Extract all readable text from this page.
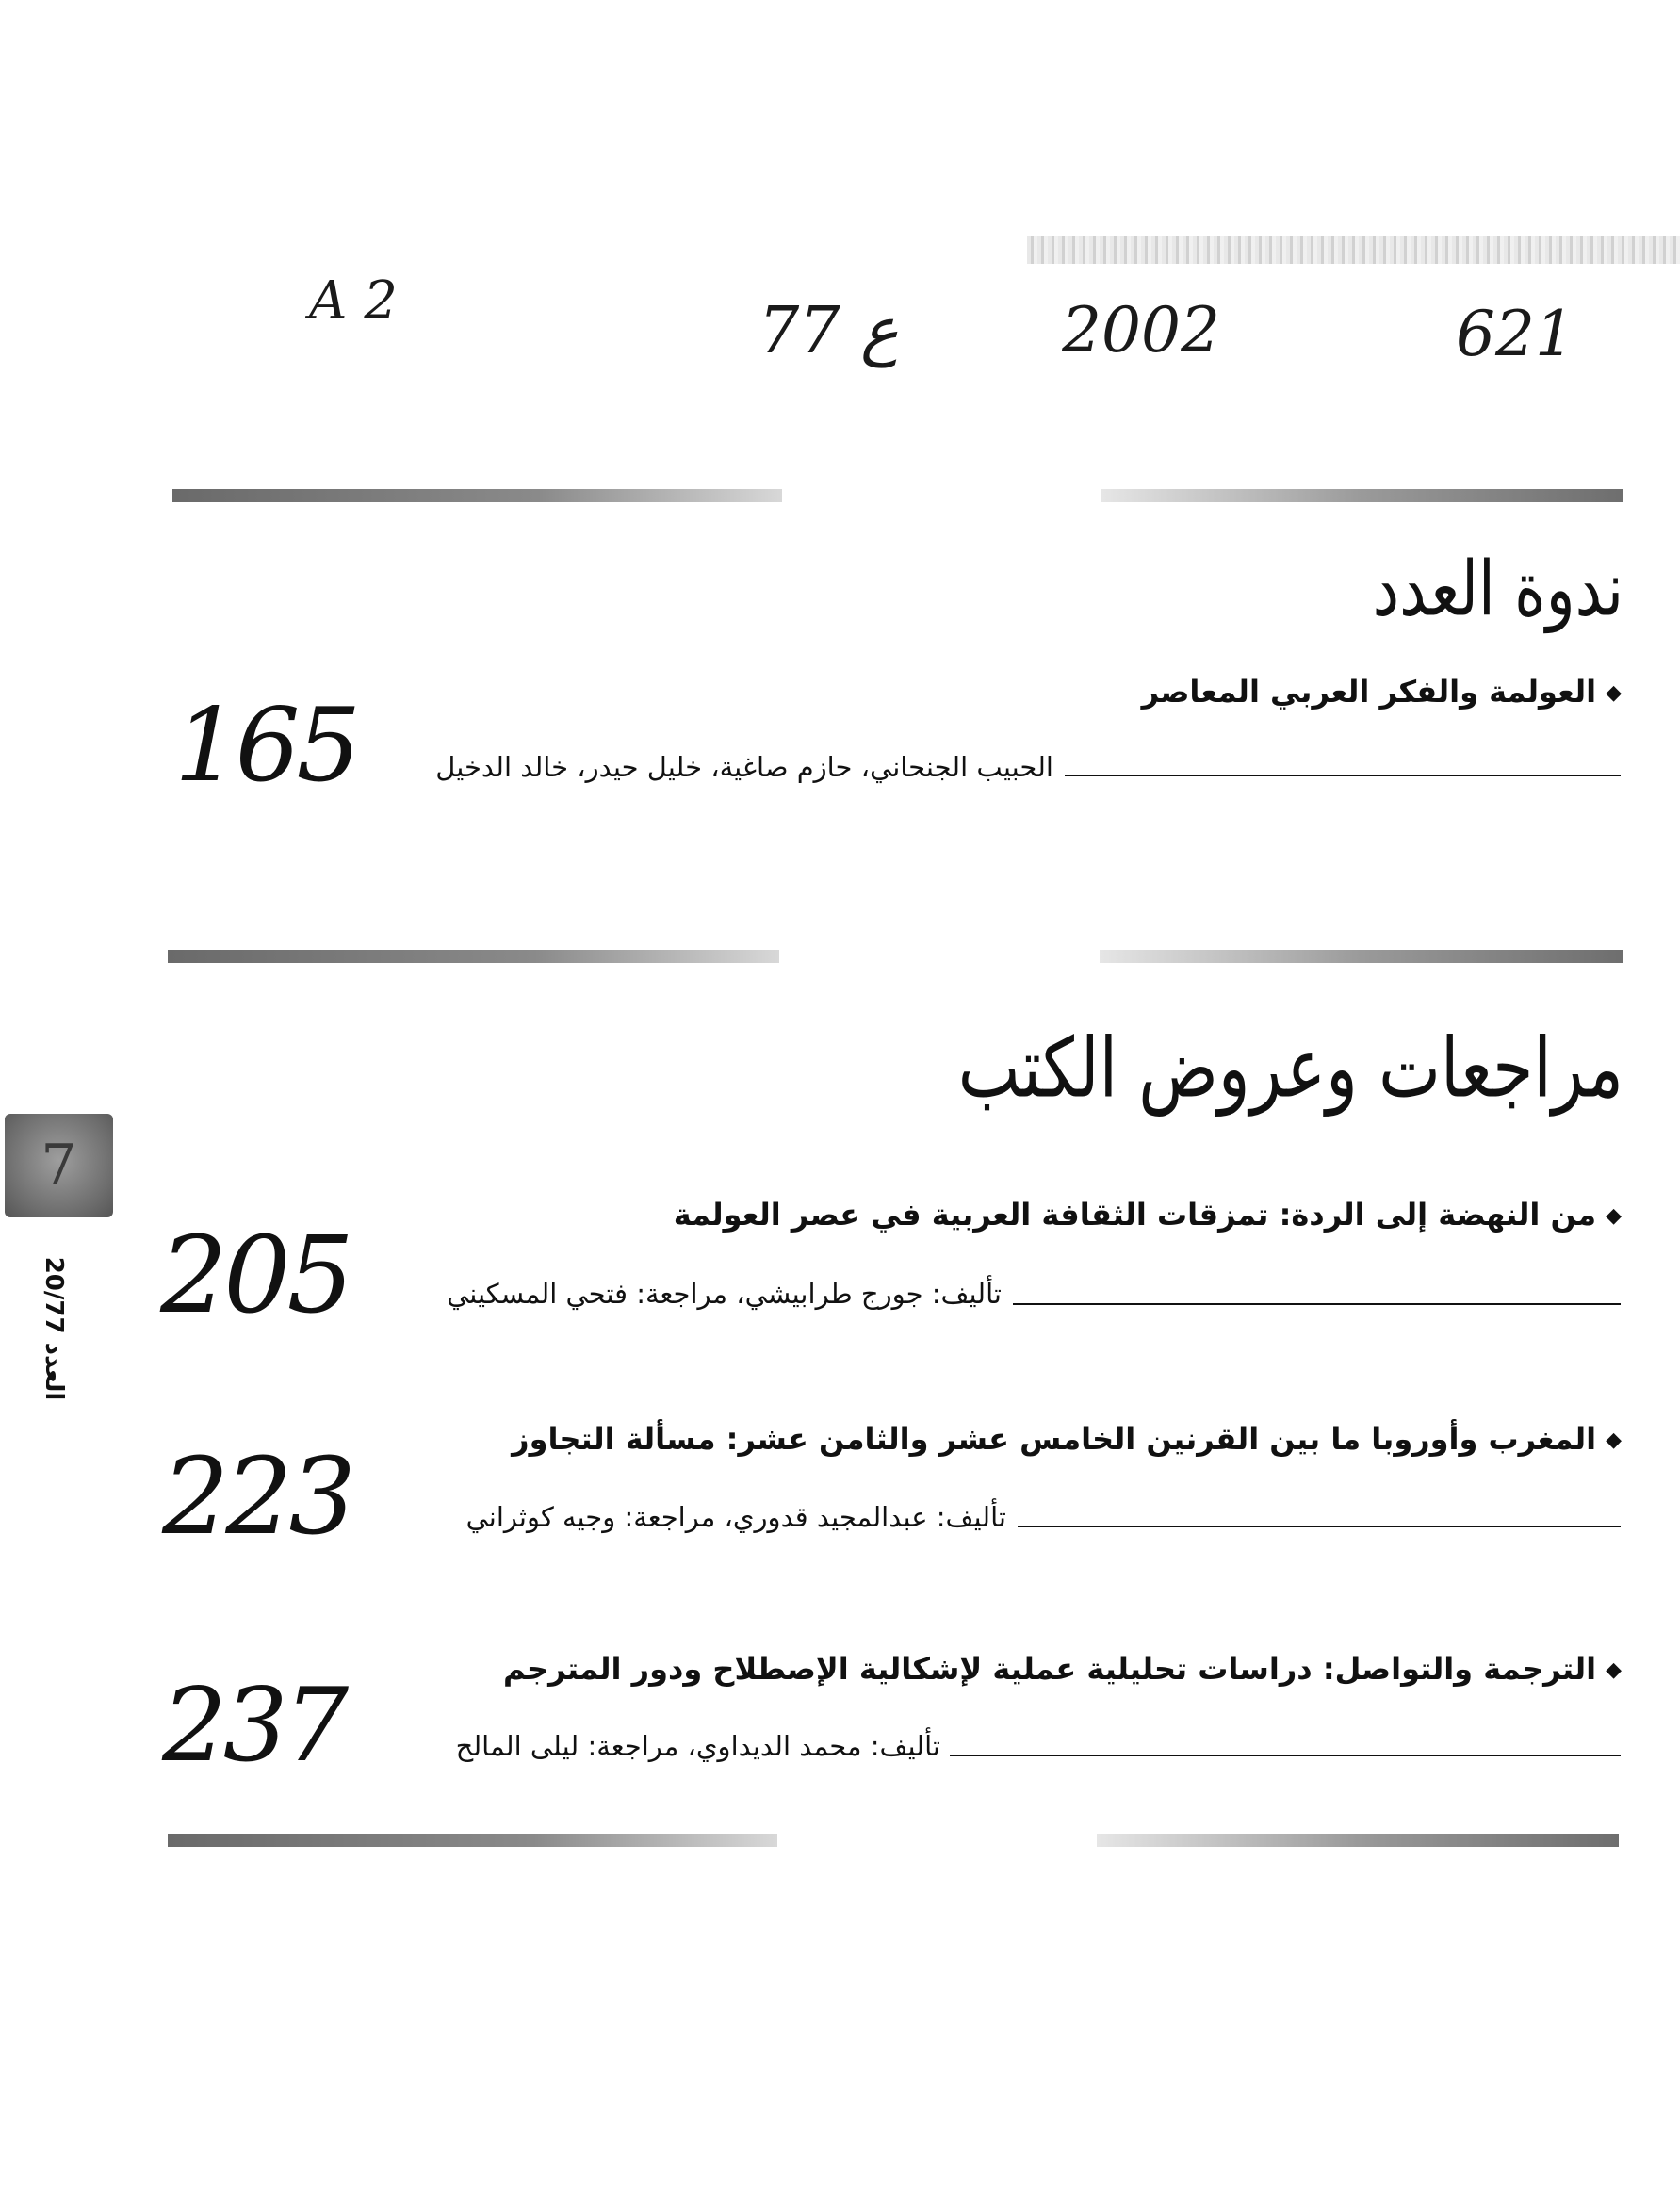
A 2	77 ع	2002	621
ندوة العدد
◆العولمة والفكر العربي المعاصر
الحبيب الجنحاني، حازم صاغية، خليل حيدر، خالد الدخيل
165
مراجعات وعروض الكتب
◆من النهضة إلى الردة: تمزقات الثقافة العربية في عصر العولمة
تأليف: جورج طرابيشي، مراجعة: فتحي المسكيني
205
◆المغرب وأوروبا ما بين القرنين الخامس عشر والثامن عشر: مسألة التجاوز
تأليف: عبدالمجيد قدوري، مراجعة: وجيه كوثراني
223
◆الترجمة والتواصل: دراسات تحليلية عملية لإشكالية الإصطلاح ودور المترجم
تأليف: محمد الديداوي، مراجعة: ليلى المالح
237
7
العدد 20/77
